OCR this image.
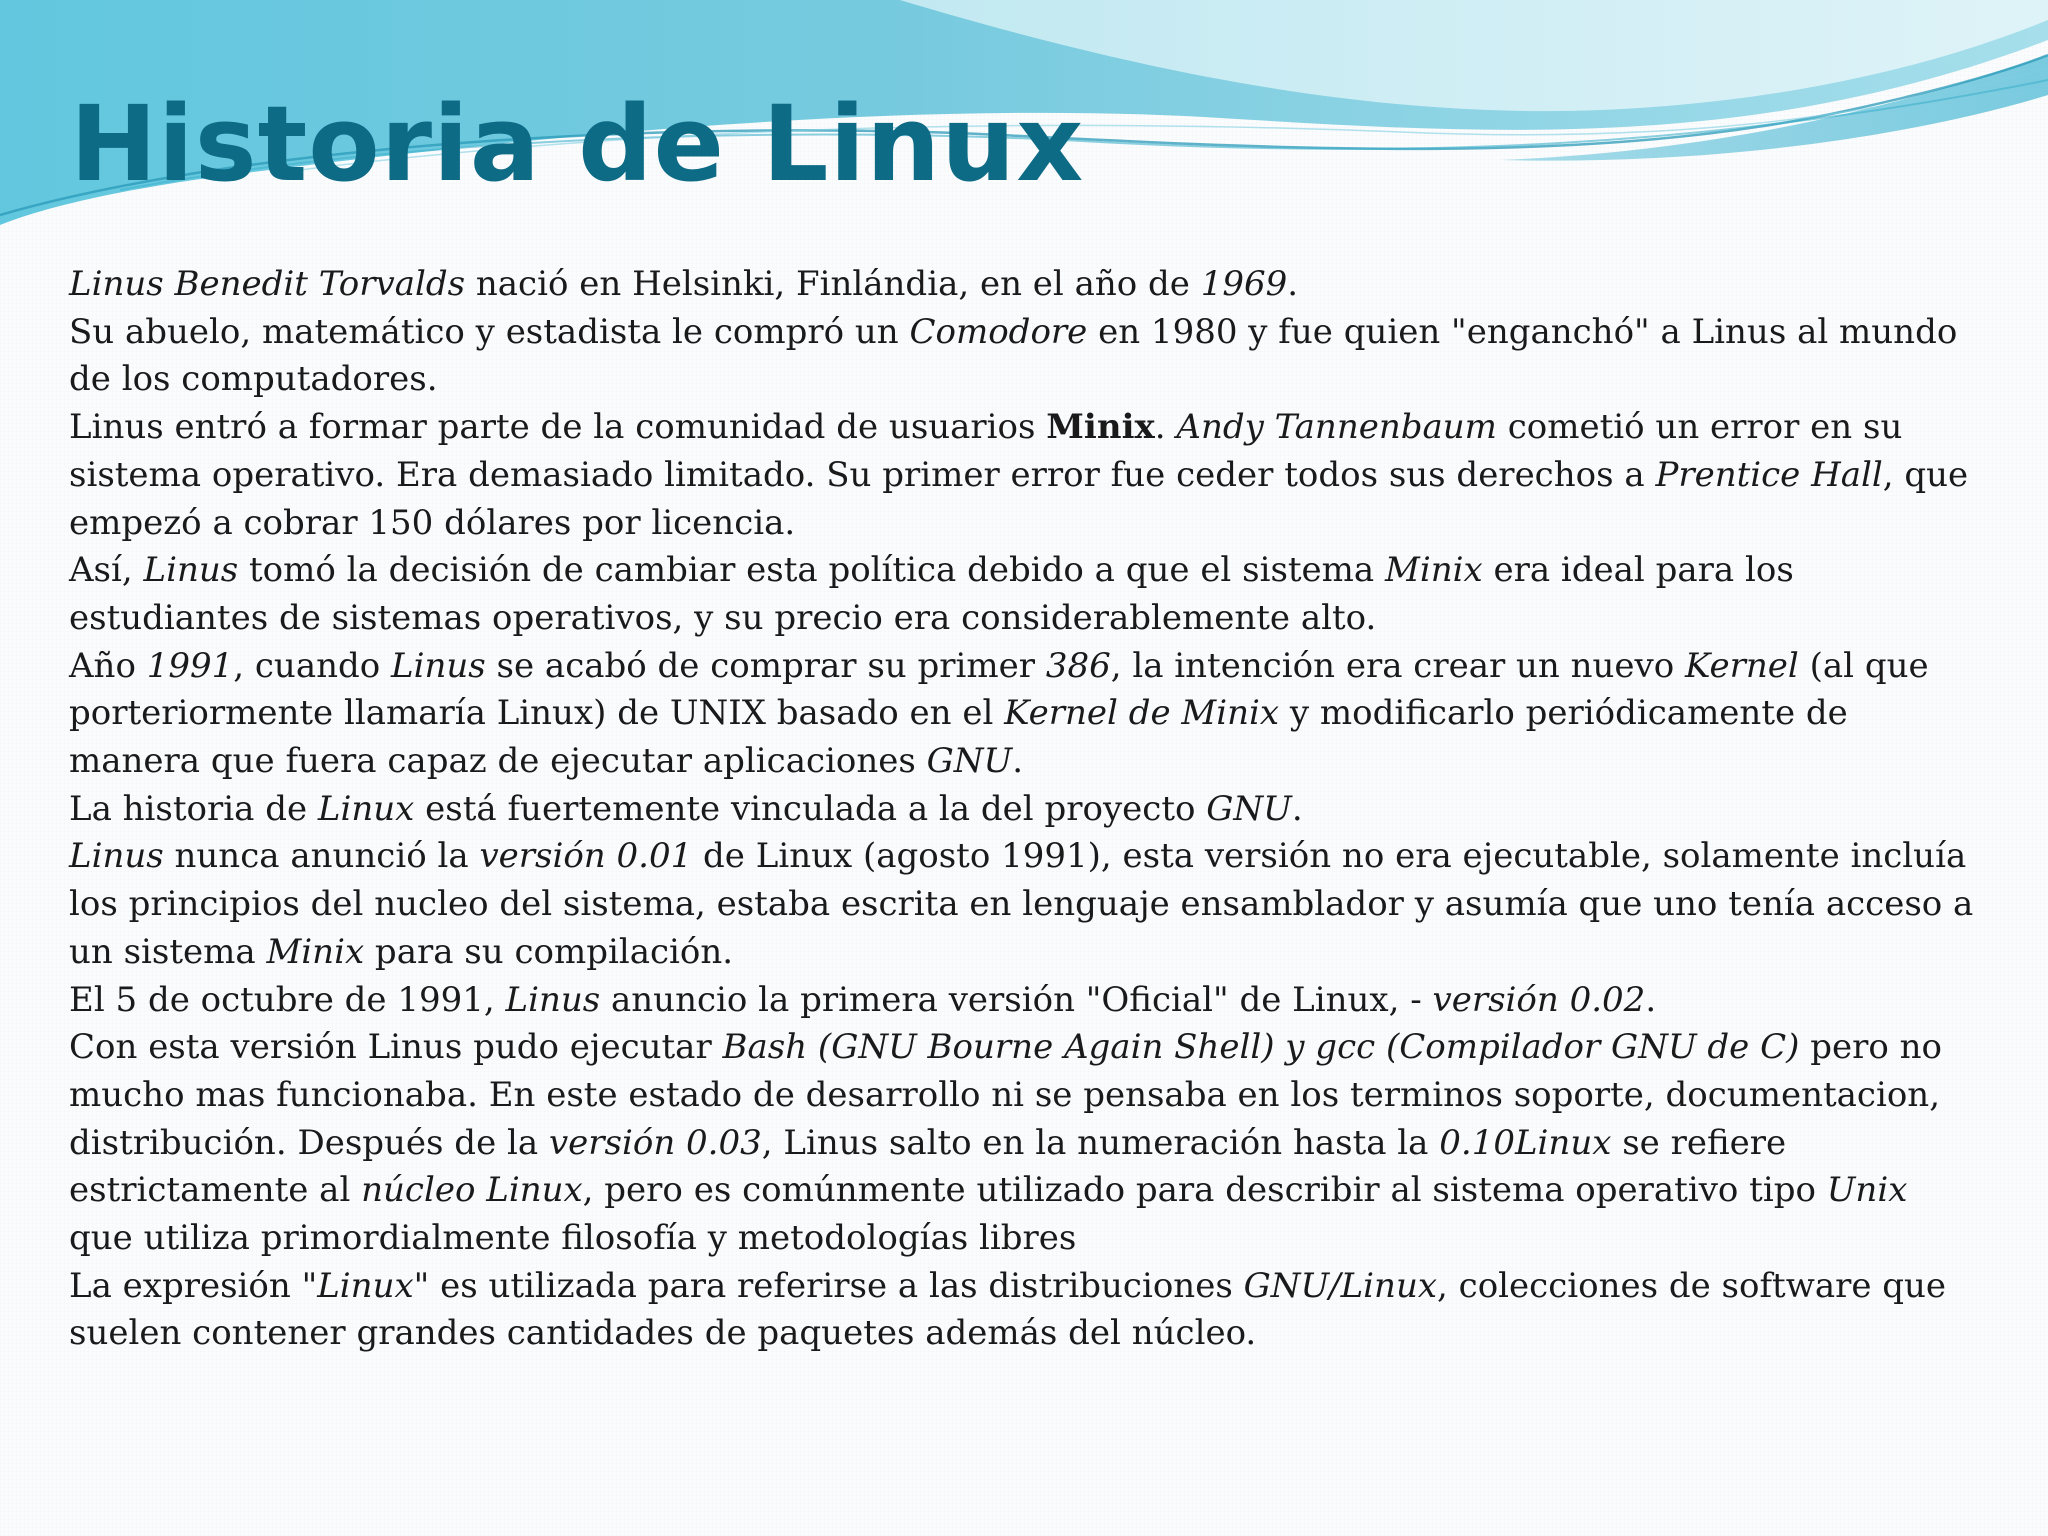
Historia de Linux

Linus Benedit Torvalds nació en Helsinki, Finlándia, en el año de 1969.

Su abuelo, matemático y estadista le compró un Comodore en 1980 y fue quien "enganchó" a Linus al mundo

de los computadores.

Linus entró a formar parte de la comunidad de usuarios Minix. Andy Tannenbaum cometió un error en su

sistema operativo. Era demasiado limitado. Su primer error fue ceder todos sus derechos a Prentice Hall, que

empezó a cobrar 150 dólares por licencia.

Así, Linus tomó la decisión de cambiar esta política debido a que el sistema Minix era ideal para los

estudiantes de sistemas operativos, y su precio era considerablemente alto.

Año 1991, cuando Linus se acabó de comprar su primer 386, la intención era crear un nuevo Kernel (al que

porteriormente llamaría Linux) de UNIX basado en el Kernel de Minix y modificarlo periódicamente de

manera que fuera capaz de ejecutar aplicaciones GNU.

La historia de Linux está fuertemente vinculada a la del proyecto GNU.

Linus nunca anunció la versión 0.01 de Linux (agosto 1991), esta versión no era ejecutable, solamente incluía

los principios del nucleo del sistema, estaba escrita en lenguaje ensamblador y asumía que uno tenía acceso a

un sistema Minix para su compilación.

El 5 de octubre de 1991, Linus anuncio la primera versión "Oficial" de Linux, - versión 0.02.

Con esta versión Linus pudo ejecutar Bash (GNU Bourne Again Shell) y gcc (Compilador GNU de C) pero no

mucho mas funcionaba. En este estado de desarrollo ni se pensaba en los terminos soporte, documentacion,

distribución. Después de la versión 0.03, Linus salto en la numeración hasta la 0.10Linux se refiere

estrictamente al núcleo Linux, pero es comúnmente utilizado para describir al sistema operativo tipo Unix

que utiliza primordialmente filosofía y metodologías libres

La expresión "Linux" es utilizada para referirse a las distribuciones GNU/Linux, colecciones de software que

suelen contener grandes cantidades de paquetes además del núcleo.
